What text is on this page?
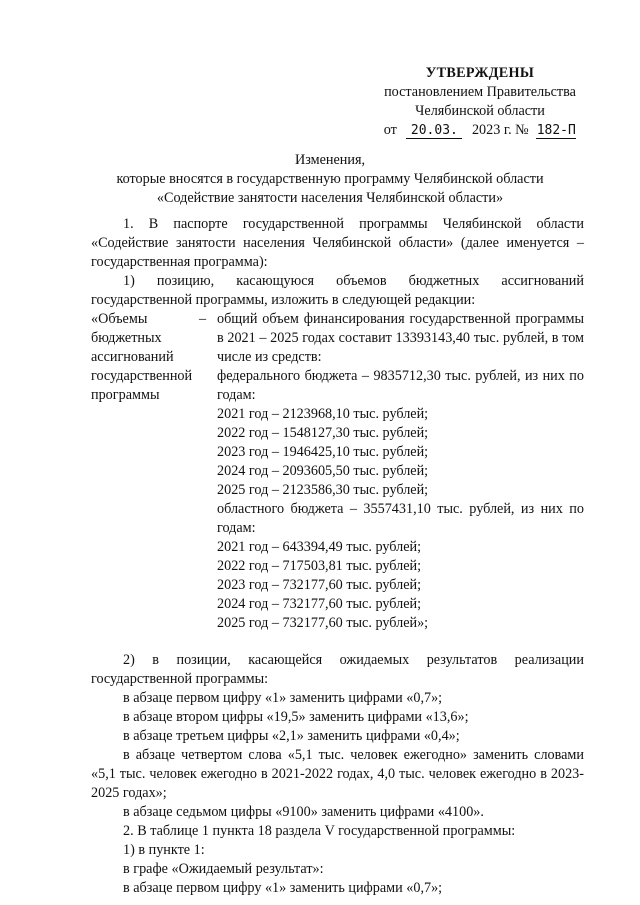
УТВЕРЖДЕНЫ
постановлением Правительства
Челябинской области
от 20.03. 2023 г. № 182-П
Изменения,
которые вносятся в государственную программу Челябинской области
«Содействие занятости населения Челябинской области»

1. В паспорте государственной программы Челябинской области «Содействие занятости населения Челябинской области» (далее именуется – государственная программа):

1) позицию, касающуюся объемов бюджетных ассигнований государственной программы, изложить в следующей редакции:

«Объемы
бюджетных
ассигнований
государственной
программы
– общий объем финансирования государственной программы в 2021 – 2025 годах составит 13393143,40 тыс. рублей, в том числе из средств:

федерального бюджета – 9835712,30 тыс. рублей, из них по годам:

2021 год – 2123968,10 тыс. рублей;

2022 год – 1548127,30 тыс. рублей;

2023 год – 1946425,10 тыс. рублей;

2024 год – 2093605,50 тыс. рублей;

2025 год – 2123586,30 тыс. рублей;

областного бюджета – 3557431,10 тыс. рублей, из них по годам:

2021 год – 643394,49 тыс. рублей;

2022 год – 717503,81 тыс. рублей;

2023 год – 732177,60 тыс. рублей;

2024 год – 732177,60 тыс. рублей;

2025 год – 732177,60 тыс. рублей»;

2) в позиции, касающейся ожидаемых результатов реализации государственной программы:

в абзаце первом цифру «1» заменить цифрами «0,7»;

в абзаце втором цифры «19,5» заменить цифрами «13,6»;

в абзаце третьем цифры «2,1» заменить цифрами «0,4»;

в абзаце четвертом слова «5,1 тыс. человек ежегодно» заменить словами «5,1 тыс. человек ежегодно в 2021-2022 годах, 4,0 тыс. человек ежегодно в 2023-2025 годах»;

в абзаце седьмом цифры «9100» заменить цифрами «4100».

2. В таблице 1 пункта 18 раздела V государственной программы:

1) в пункте 1:

в графе «Ожидаемый результат»:

в абзаце первом цифру «1» заменить цифрами «0,7»;
